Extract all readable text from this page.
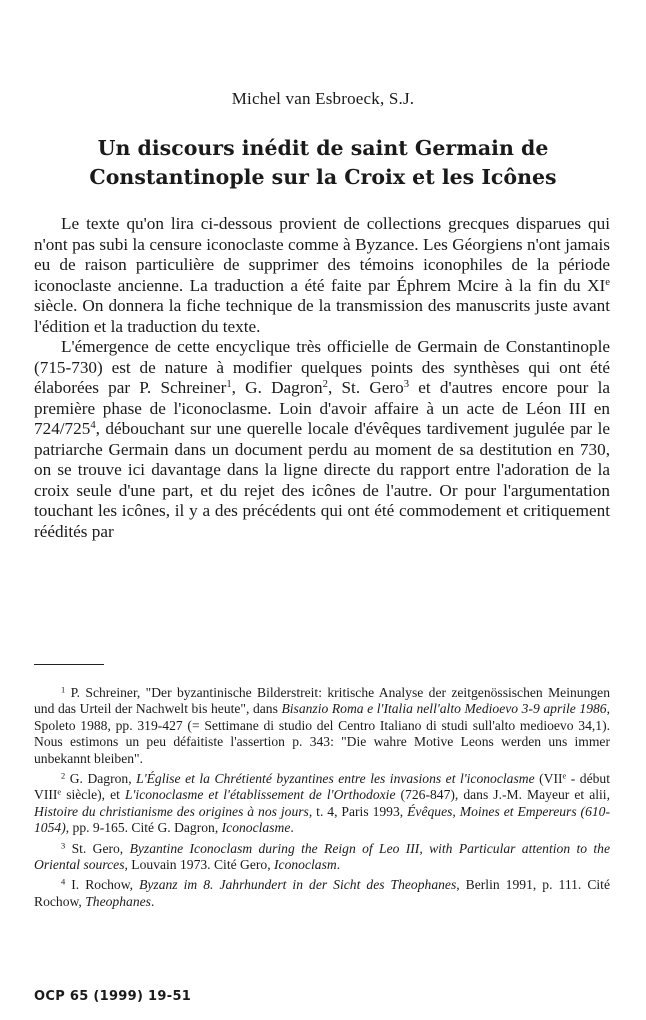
Michel van Esbroeck, S.J.
Un discours inédit de saint Germain de
Constantinople sur la Croix et les Icônes

Le texte qu'on lira ci-dessous provient de collections grecques disparues qui n'ont pas subi la censure iconoclaste comme à Byzance. Les Géorgiens n'ont jamais eu de raison particulière de supprimer des témoins iconophiles de la période iconoclaste ancienne. La traduction a été faite par Éphrem Mcire à la fin du XIe siècle. On donnera la fiche technique de la transmission des manuscrits juste avant l'édition et la traduction du texte.

L'émergence de cette encyclique très officielle de Germain de Constantinople (715-730) est de nature à modifier quelques points des synthèses qui ont été élaborées par P. Schreiner$^1$, G. Dagron$^2$, St. Gero$^3$ et d'autres encore pour la première phase de l'iconoclasme. Loin d'avoir affaire à un acte de Léon III en $724/725^4$, débouchant sur une querelle locale d'évêques tardivement jugulée par le patriarche Germain dans un document perdu au moment de sa destitution en 730, on se trouve ici davantage dans la ligne directe du rapport entre l'adoration de la croix seule d'une part, et du rejet des icônes de l'autre. Or pour l'argumentation touchant les icônes, il y a des précédents qui ont été commodement et critiquement réédités par

$^1$ P. Schreiner, "Der byzantinische Bilderstreit: kritische Analyse der zeitgenössischen Meinungen und das Urteil der Nachwelt bis heute", dans Bisanzio Roma e l'Italia nell'alto Medioevo 3-9 aprile 1986, Spoleto 1988, pp. 319-427 (= Settimane di studio del Centro Italiano di studi sull'alto medioevo 34,1). Nous estimons un peu défaitiste l'assertion p. 343: "Die wahre Motive Leons werden uns immer unbekannt bleiben".

$^2$ G. Dagron, L'Église et la Chrétienté byzantines entre les invasions et l'iconoclasme (VIIe - début VIIIe siècle), et L'iconoclasme et l'établissement de l'Orthodoxie (726-847), dans J.-M. Mayeur et alii, Histoire du christianisme des origines à nos jours, t. 4, Paris 1993, Évêques, Moines et Empereurs (610-1054), pp. 9-165. Cité G. Dagron, Iconoclasme.

$^3$ St. Gero, Byzantine Iconoclasm during the Reign of Leo III, with Particular attention to the Oriental sources, Louvain 1973. Cité Gero, Iconoclasm.

$^4$ I. Rochow, Byzanz im 8. Jahrhundert in der Sicht des Theophanes, Berlin 1991, p. 111. Cité Rochow, Theophanes.

OCP 65 (1999) 19-51
